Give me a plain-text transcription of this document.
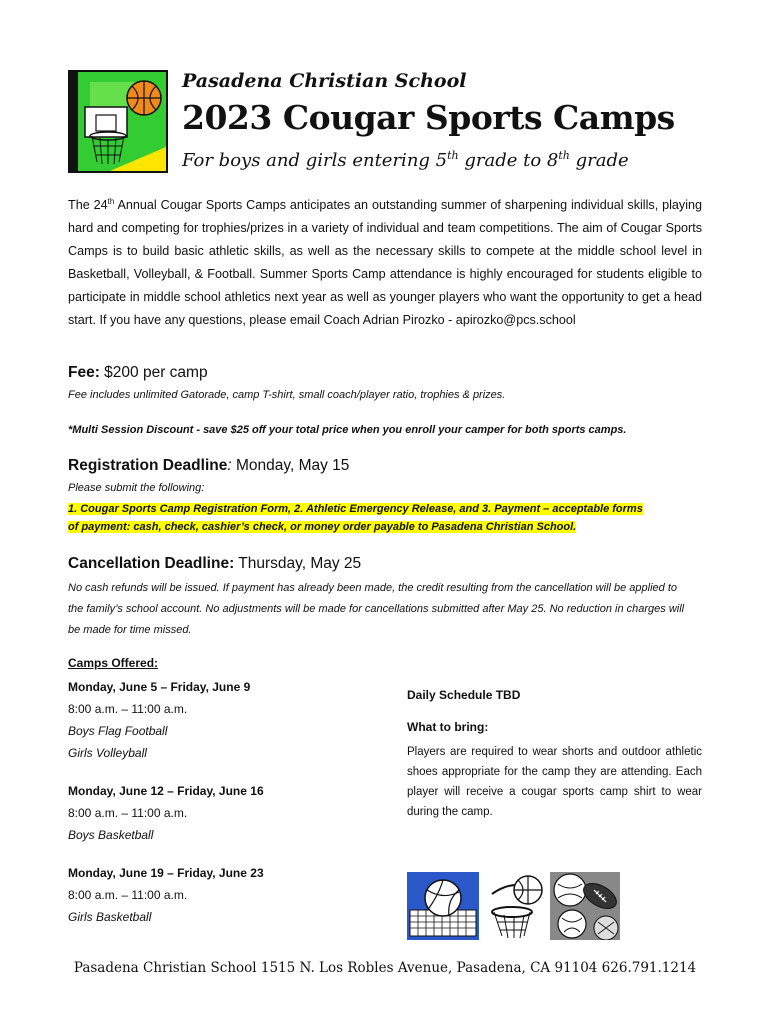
Pasadena Christian School
2023 Cougar Sports Camps
For boys and girls entering 5th grade to 8th grade
The 24th Annual Cougar Sports Camps anticipates an outstanding summer of sharpening individual skills, playing hard and competing for trophies/prizes in a variety of individual and team competitions. The aim of Cougar Sports Camps is to build basic athletic skills, as well as the necessary skills to compete at the middle school level in Basketball, Volleyball, & Football. Summer Sports Camp attendance is highly encouraged for students eligible to participate in middle school athletics next year as well as younger players who want the opportunity to get a head start. If you have any questions, please email Coach Adrian Pirozko - apirozko@pcs.school
Fee: $200 per camp
Fee includes unlimited Gatorade, camp T-shirt, small coach/player ratio, trophies & prizes.
*Multi Session Discount - save $25 off your total price when you enroll your camper for both sports camps.
Registration Deadline: Monday, May 15
Please submit the following:
1. Cougar Sports Camp Registration Form, 2. Athletic Emergency Release, and 3. Payment – acceptable forms
of payment: cash, check, cashier’s check, or money order payable to Pasadena Christian School.
Cancellation Deadline: Thursday, May 25
No cash refunds will be issued. If payment has already been made, the credit resulting from the cancellation will be applied to the family’s school account. No adjustments will be made for cancellations submitted after May 25. No reduction in charges will be made for time missed.
Camps Offered:
Monday, June 5 – Friday, June 9
8:00 a.m. – 11:00 a.m.
Boys Flag Football
Girls Volleyball
Monday, June 12 – Friday, June 16
8:00 a.m. – 11:00 a.m.
Boys Basketball
Monday, June 19 – Friday, June 23
8:00 a.m. – 11:00 a.m.
Girls Basketball
Daily Schedule TBD
What to bring:
Players are required to wear shorts and outdoor athletic shoes appropriate for the camp they are attending. Each player will receive a cougar sports camp shirt to wear during the camp.
Pasadena Christian School 1515 N. Los Robles Avenue, Pasadena, CA 91104 626.791.1214
